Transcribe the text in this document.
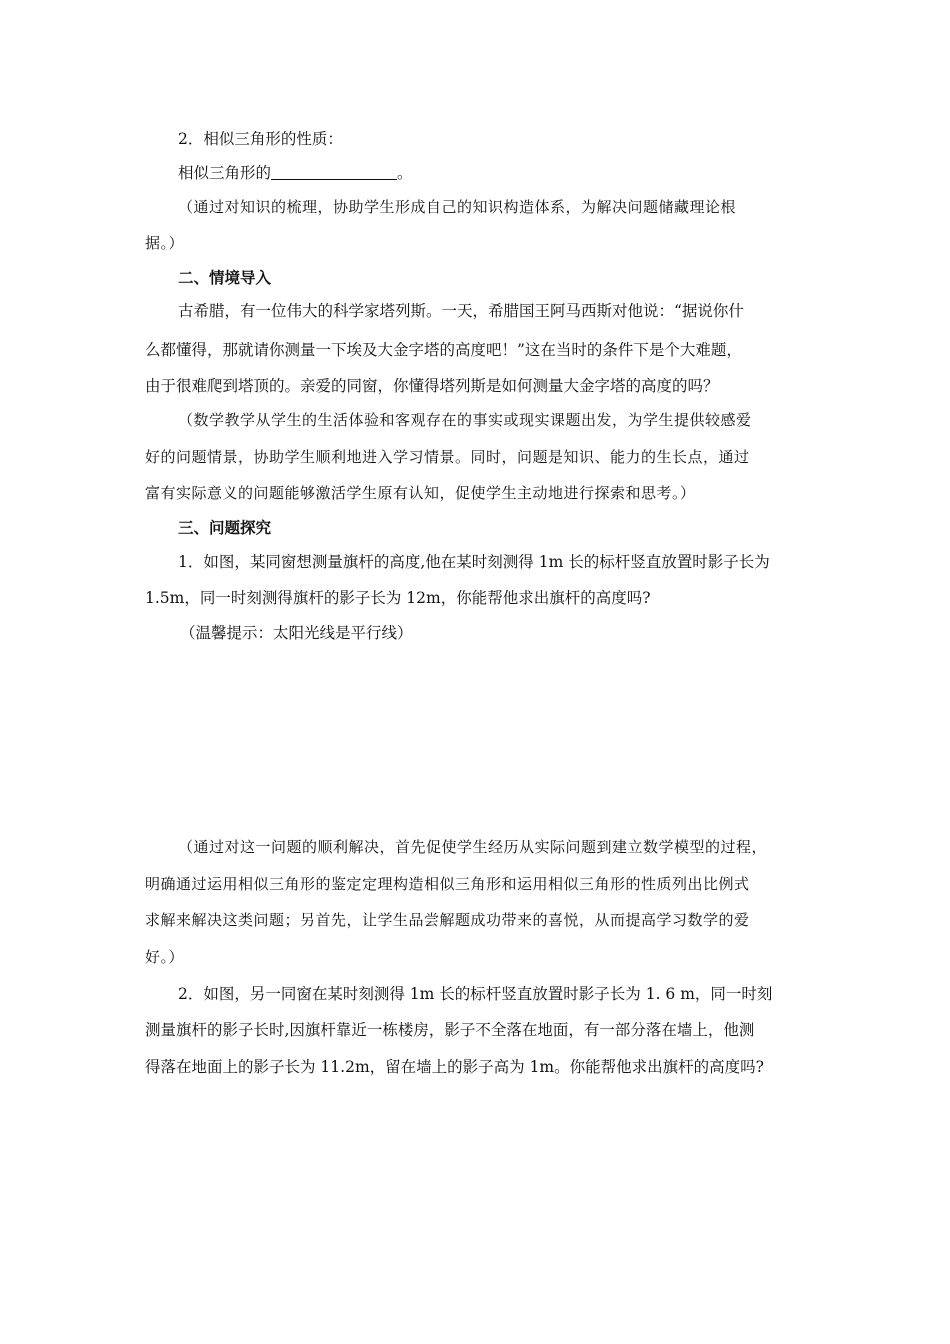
2．相似三角形的性质：
相似三角形的	。
（通过对知识的梳理，协助学生形成自己的知识构造体系，为解决问题储藏理论根
据。）
二、情境导入
古希腊，有一位伟大的科学家塔列斯。一天，希腊国王阿马西斯对他说：“据说你什
么都懂得，那就请你测量一下埃及大金字塔的高度吧！”这在当时的条件下是个大难题，
由于很难爬到塔顶的。亲爱的同窗，你懂得塔列斯是如何测量大金字塔的高度的吗？
（数学教学从学生的生活体验和客观存在的事实或现实课题出发，为学生提供较感爱
好的问题情景，协助学生顺利地进入学习情景。同时，问题是知识、能力的生长点，通过
富有实际意义的问题能够激活学生原有认知，促使学生主动地进行探索和思考。）
三、问题探究
1．如图，某同窗想测量旗杆的高度,他在某时刻测得 1m 长的标杆竖直放置时影子长为
1.5m，同一时刻测得旗杆的影子长为 12m，你能帮他求出旗杆的高度吗?
（温馨提示：太阳光线是平行线）
（通过对这一问题的顺利解决，首先促使学生经历从实际问题到建立数学模型的过程，
明确通过运用相似三角形的鉴定定理构造相似三角形和运用相似三角形的性质列出比例式
求解来解决这类问题；另首先，让学生品尝解题成功带来的喜悦，从而提高学习数学的爱
好。）
2．如图，另一同窗在某时刻测得 1m 长的标杆竖直放置时影子长为 1. 6 m，同一时刻
测量旗杆的影子长时,因旗杆靠近一栋楼房，影子不全落在地面，有一部分落在墙上，他测
得落在地面上的影子长为 11.2m，留在墙上的影子高为 1m。你能帮他求出旗杆的高度吗?
